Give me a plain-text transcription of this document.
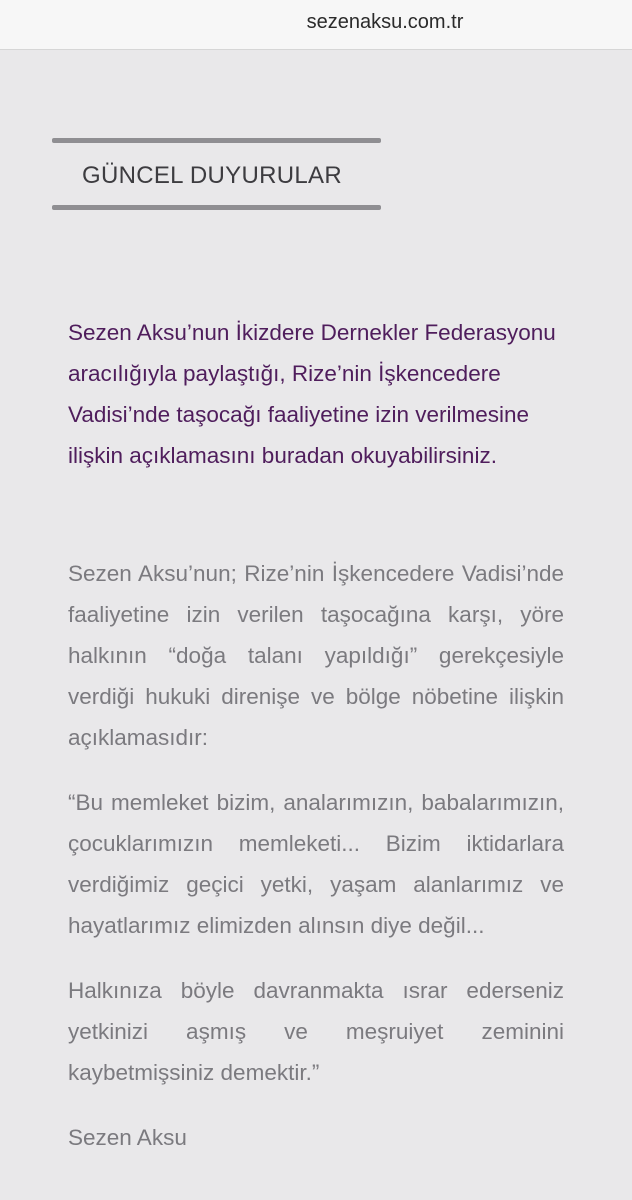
sezenaksu.com.tr
GÜNCEL DUYURULAR

Sezen Aksu’nun İkizdere Dernekler Federasyonu aracılığıyla paylaştığı, Rize’nin İşkencedere Vadisi’nde taşocağı faaliyetine izin verilmesine ilişkin açıklamasını buradan okuyabilirsiniz.

Sezen Aksu’nun; Rize’nin İşkencedere Vadisi’nde faaliyetine izin verilen taşocağına karşı, yöre halkının “doğa talanı yapıldığı” gerekçesiyle verdiği hukuki direnişe ve bölge nöbetine ilişkin açıklamasıdır:

“Bu memleket bizim, analarımızın, babalarımızın, çocuklarımızın memleketi... Bizim iktidarlara verdiğimiz geçici yetki, yaşam alanlarımız ve hayatlarımız elimizden alınsın diye değil...

Halkınıza böyle davranmakta ısrar ederseniz yetkinizi aşmış ve meşruiyet zeminini kaybetmişsiniz demektir.”

Sezen Aksu
